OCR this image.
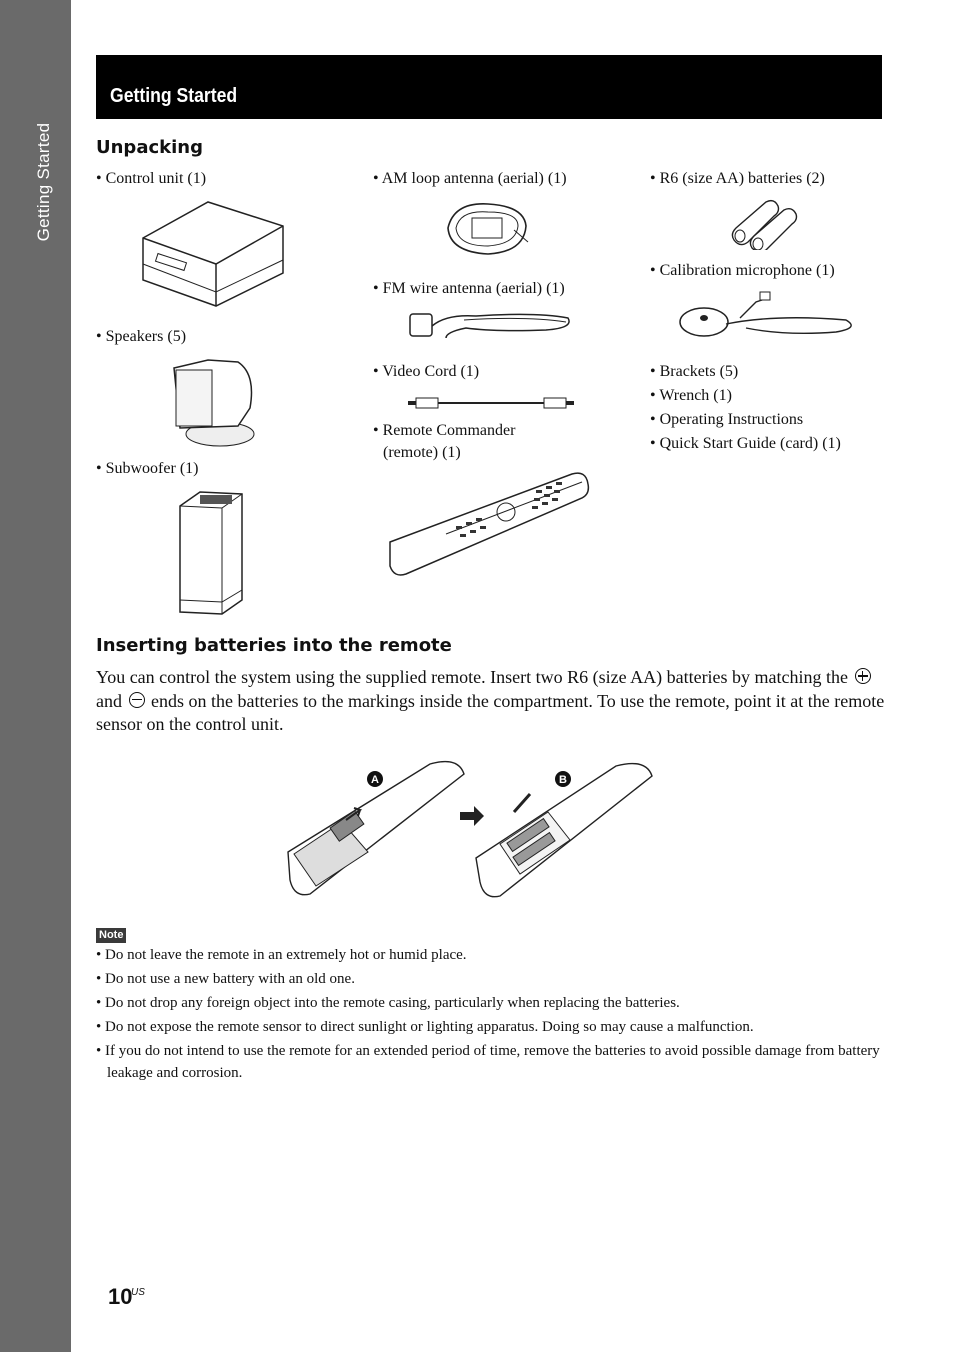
Getting Started
Getting Started
Unpacking
• Control unit (1)
• Speakers (5)
• Subwoofer (1)
• AM loop antenna (aerial) (1)
• FM wire antenna (aerial) (1)
• Video Cord (1)
• Remote Commander
(remote) (1)
• R6 (size AA) batteries (2)
• Calibration microphone (1)
• Brackets (5)
• Wrench (1)
• Operating Instructions
• Quick Start Guide (card) (1)
Inserting batteries into the remote
You can control the system using the supplied remote. Insert two R6 (size AA) batteries by matching the  and ends on the batteries to the markings inside the compartment. To use the remote, point it at the remote sensor on the control unit.
A	B
Note
• Do not leave the remote in an extremely hot or humid place.
• Do not use a new battery with an old one.
• Do not drop any foreign object into the remote casing, particularly when replacing the batteries.
• Do not expose the remote sensor to direct sunlight or lighting apparatus. Doing so may cause a malfunction.
• If you do not intend to use the remote for an extended period of time, remove the batteries to avoid possible damage from battery leakage and corrosion.
10
US
